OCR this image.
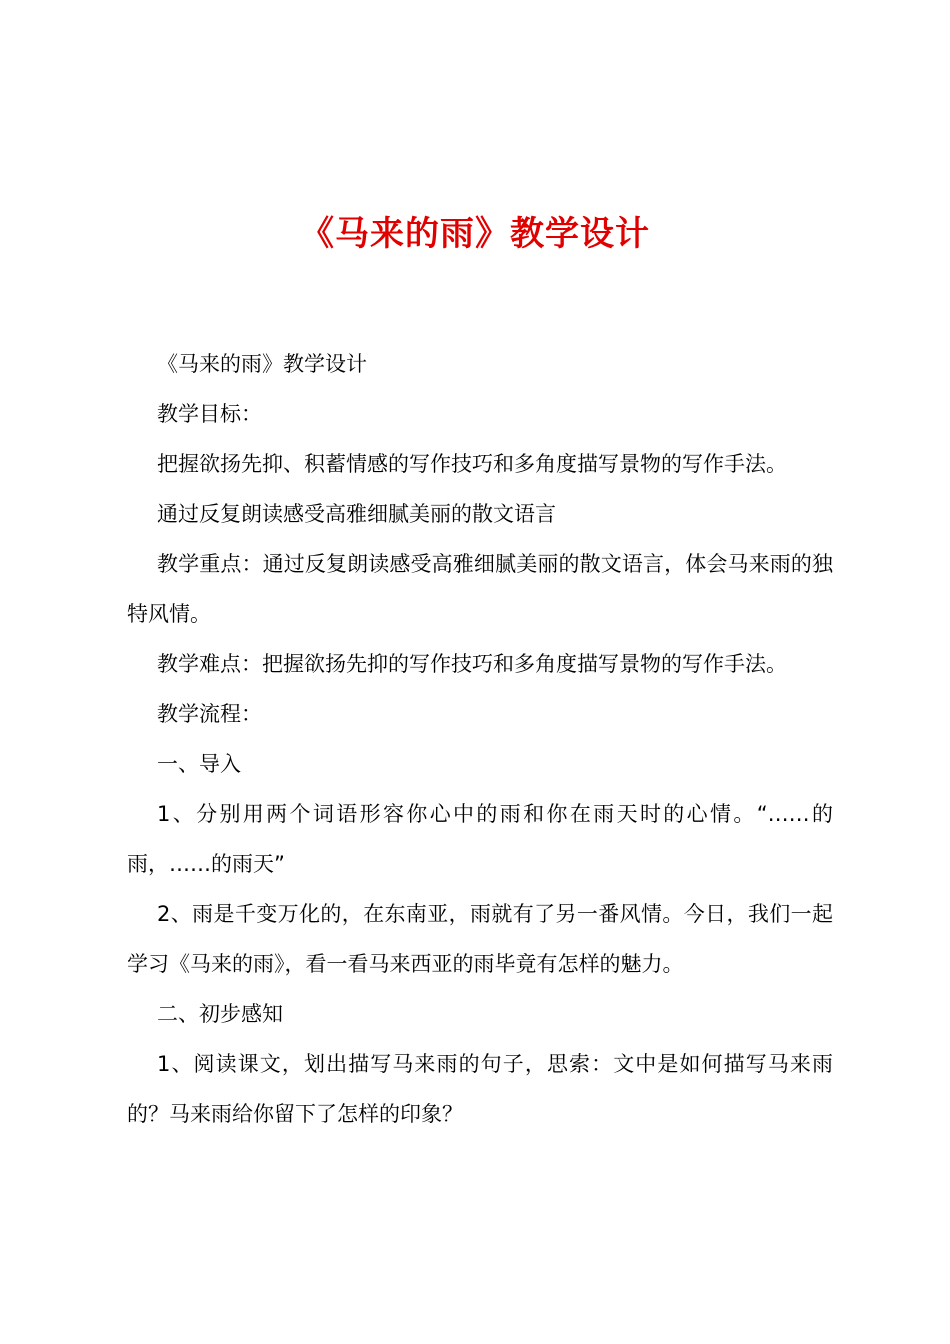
《马来的雨》教学设计

《马来的雨》教学设计

教学目标：

把握欲扬先抑、积蓄情感的写作技巧和多角度描写景物的写作手法。

通过反复朗读感受高雅细腻美丽的散文语言

教学重点：通过反复朗读感受高雅细腻美丽的散文语言，体会马来雨的独特风情。

教学难点：把握欲扬先抑的写作技巧和多角度描写景物的写作手法。

教学流程：

一、导入

1、分别用两个词语形容你心中的雨和你在雨天时的心情。“……的雨，……的雨天”

2、雨是千变万化的，在东南亚，雨就有了另一番风情。今日，我们一起学习《马来的雨》，看一看马来西亚的雨毕竟有怎样的魅力。

二、初步感知

1、阅读课文，划出描写马来雨的句子，思索：文中是如何描写马来雨的？马来雨给你留下了怎样的印象？
